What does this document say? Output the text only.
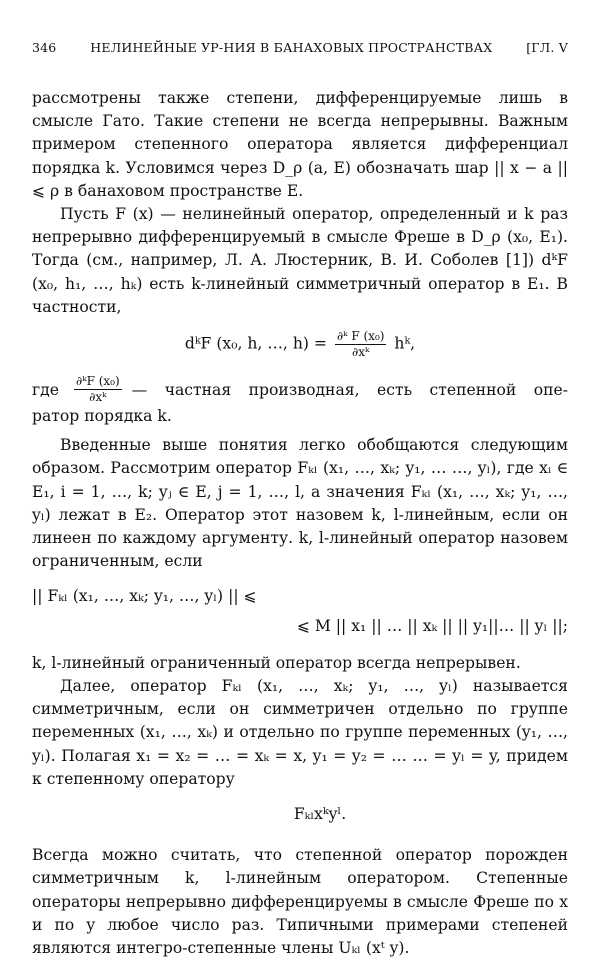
346	НЕЛИНЕЙНЫЕ УР-НИЯ В БАНАХОВЫХ ПРОСТРАНСТВАХ	[ГЛ. V

рассмотрены также степени, дифференцируемые лишь в смысле Гато. Такие степени не всегда непрерывны. Важным примером степенного оператора является дифференциал порядка k. Условимся через D_ρ (a, E) обозначать шар || x − a || ⩽ ρ в банаховом пространстве E.

Пусть F (x) — нелинейный оператор, определенный и k раз непрерывно дифференцируемый в смысле Фреше в D_ρ (x₀, E₁). Тогда (см., например, Л. А. Люстерник, В. И. Соболев [1]) dᵏF (x₀, h₁, …, hₖ) есть k-линейный симметричный оператор в E₁. В частности,

dᵏF (x₀, h, …, $h) = \frac{\text{∂ᵏ F (x₀)}}{\text{∂xᵏ}}$ hᵏ,
где $\frac{\text{∂ᵏF (x₀)}}{\text{∂xᵏ}}$ — частная производная, есть степенной опе-

ратор порядка k.

Введенные выше понятия легко обобщаются следующим образом. Рассмотрим оператор Fₖₗ (x₁, …, xₖ; y₁, … …, yₗ), где xᵢ ∈ E₁, i = 1, …, k; yⱼ ∈ E, j = 1, …, l, а значения Fₖₗ (x₁, …, xₖ; y₁, …, yₗ) лежат в E₂. Оператор этот назовем k, l-линейным, если он линеен по каждому аргументу. k, l-линейный оператор назовем ограниченным, если

|| Fₖₗ (x₁, …, xₖ; y₁, …, yₗ) || ⩽
⩽ M || x₁ || … || xₖ || || y₁||… || yₗ ||;

k, l-линейный ограниченный оператор всегда непрерывен.

Далее, оператор Fₖₗ (x₁, …, xₖ; y₁, …, yₗ) называется симметричным, если он симметричен отдельно по группе переменных (x₁, …, xₖ) и отдельно по группе переменных (y₁, …, yₗ). Полагая x₁ = x₂ = … = xₖ = x, y₁ = y₂ = … … = yₗ = y, придем к степенному оператору

Fₖₗxᵏyˡ.

Всегда можно считать, что степенной оператор порожден симметричным k, l-линейным оператором. Степенные операторы непрерывно дифференцируемы в смысле Фреше по x и по y любое число раз. Типичными примерами степеней являются интегро-степенные члены Uₖₗ (xᵗ y).
